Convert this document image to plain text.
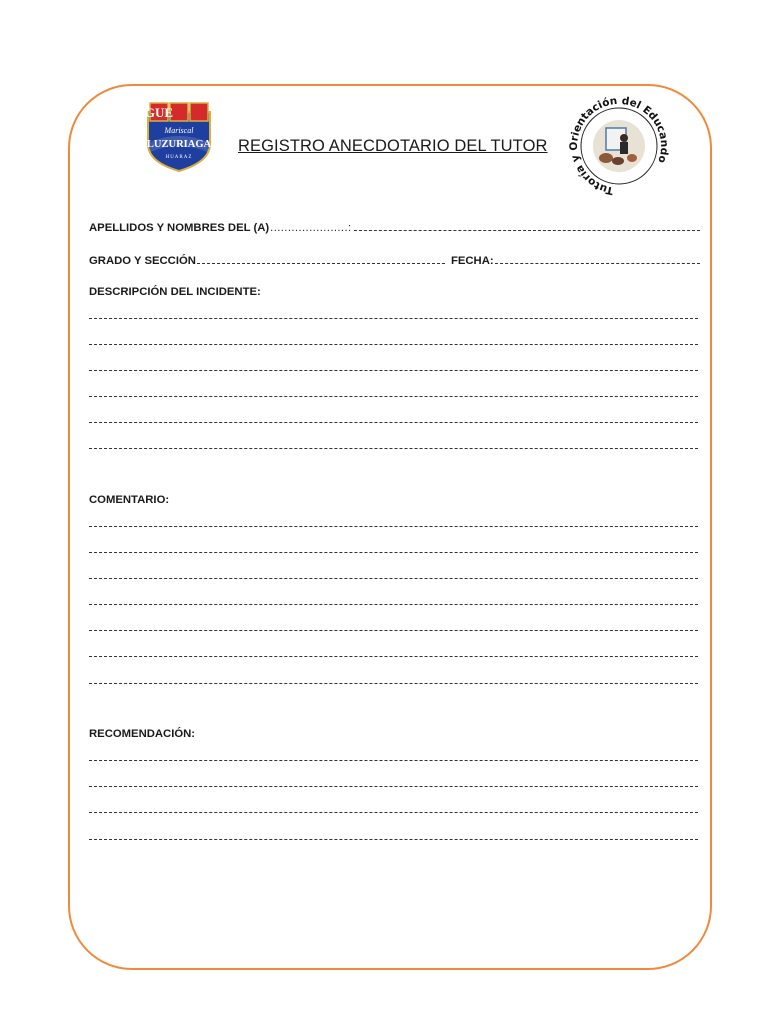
GUE
Mariscal
LUZURIAGA
HUARAZ
Tutoría y Orientación del Educando
REGISTRO ANECDOTARIO DEL TUTOR
APELLIDOS Y NOMBRES DEL (A) ......................:
GRADO Y SECCIÓN	FECHA:
DESCRIPCIÓN DEL INCIDENTE:
COMENTARIO:
RECOMENDACIÓN:
